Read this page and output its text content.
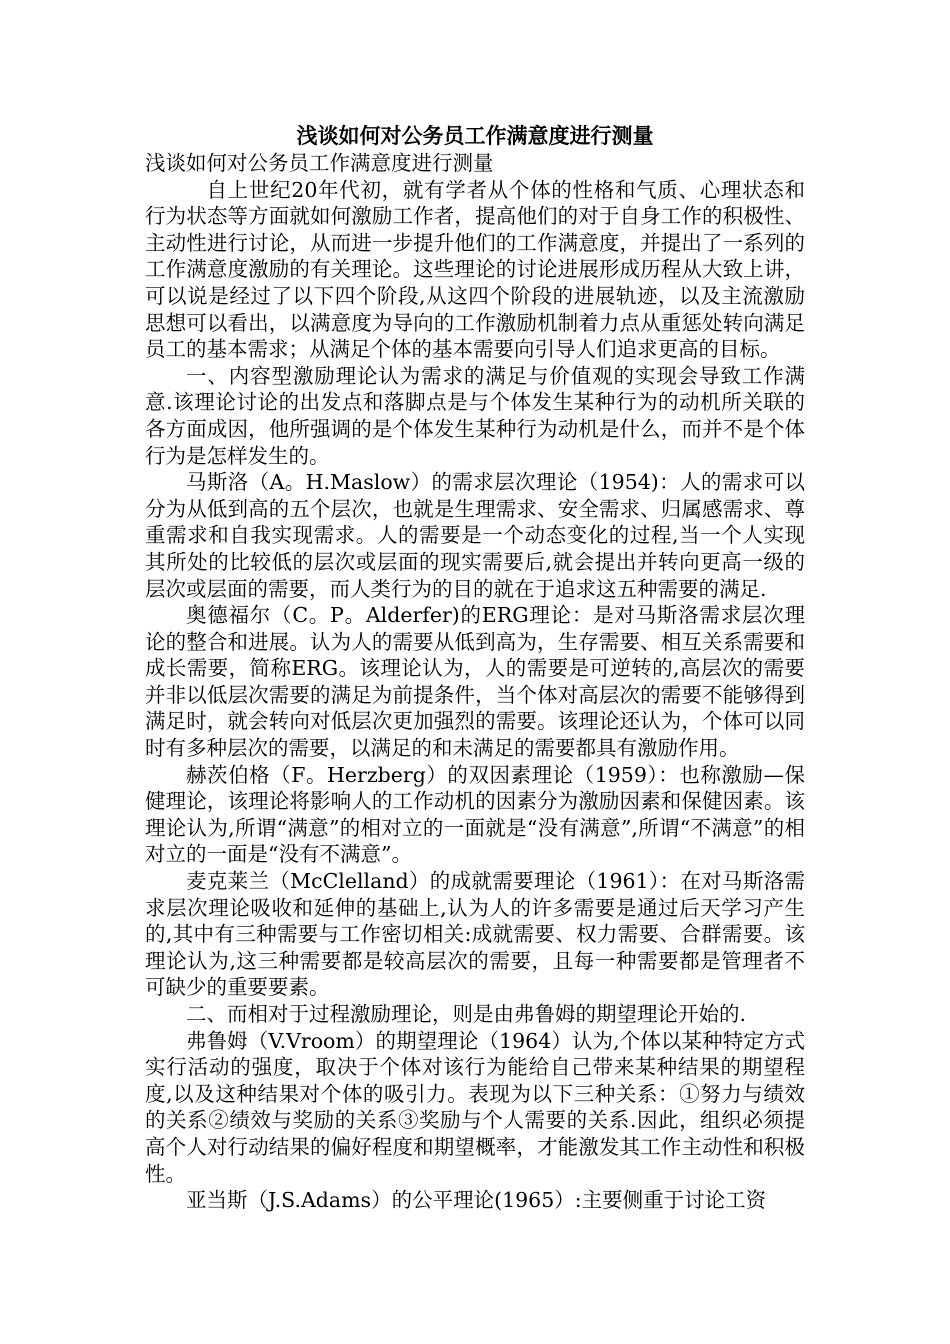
浅谈如何对公务员工作满意度进行测量

浅谈如何对公务员工作满意度进行测量

自上世纪20年代初，就有学者从个体的性格和气质、心理状态和行为状态等方面就如何激励工作者，提高他们的对于自身工作的积极性、主动性进行讨论，从而进一步提升他们的工作满意度，并提出了一系列的工作满意度激励的有关理论。这些理论的讨论进展形成历程从大致上讲，可以说是经过了以下四个阶段,从这四个阶段的进展轨迹，以及主流激励思想可以看出，以满意度为导向的工作激励机制着力点从重惩处转向满足员工的基本需求；从满足个体的基本需要向引导人们追求更高的目标。

一、内容型激励理论认为需求的满足与价值观的实现会导致工作满意.该理论讨论的出发点和落脚点是与个体发生某种行为的动机所关联的各方面成因，他所强调的是个体发生某种行为动机是什么，而并不是个体行为是怎样发生的。

马斯洛（A。H.Maslow）的需求层次理论（1954)：人的需求可以分为从低到高的五个层次，也就是生理需求、安全需求、归属感需求、尊重需求和自我实现需求。人的需要是一个动态变化的过程,当一个人实现其所处的比较低的层次或层面的现实需要后,就会提出并转向更高一级的层次或层面的需要，而人类行为的目的就在于追求这五种需要的满足.

奥德福尔（C。P。Alderfer)的ERG理论：是对马斯洛需求层次理论的整合和进展。认为人的需要从低到高为，生存需要、相互关系需要和成长需要，简称ERG。该理论认为，人的需要是可逆转的,高层次的需要并非以低层次需要的满足为前提条件，当个体对高层次的需要不能够得到满足时，就会转向对低层次更加强烈的需要。该理论还认为，个体可以同时有多种层次的需要，以满足的和未满足的需要都具有激励作用。

赫茨伯格（F。Herzberg）的双因素理论（1959）：也称激励—保健理论，该理论将影响人的工作动机的因素分为激励因素和保健因素。该理论认为,所谓“满意”的相对立的一面就是“没有满意”,所谓“不满意”的相对立的一面是“没有不满意”。

麦克莱兰（McClelland）的成就需要理论（1961）：在对马斯洛需求层次理论吸收和延伸的基础上,认为人的许多需要是通过后天学习产生的,其中有三种需要与工作密切相关:成就需要、权力需要、合群需要。该理论认为,这三种需要都是较高层次的需要，且每一种需要都是管理者不可缺少的重要要素。

二、而相对于过程激励理论，则是由弗鲁姆的期望理论开始的.

弗鲁姆（V.Vroom）的期望理论（1964）认为,个体以某种特定方式实行活动的强度，取决于个体对该行为能给自己带来某种结果的期望程度,以及这种结果对个体的吸引力。表现为以下三种关系：①努力与绩效的关系②绩效与奖励的关系③奖励与个人需要的关系.因此，组织必须提高个人对行动结果的偏好程度和期望概率，才能激发其工作主动性和积极性。

亚当斯（J.S.Adams）的公平理论(1965）:主要侧重于讨论工资
